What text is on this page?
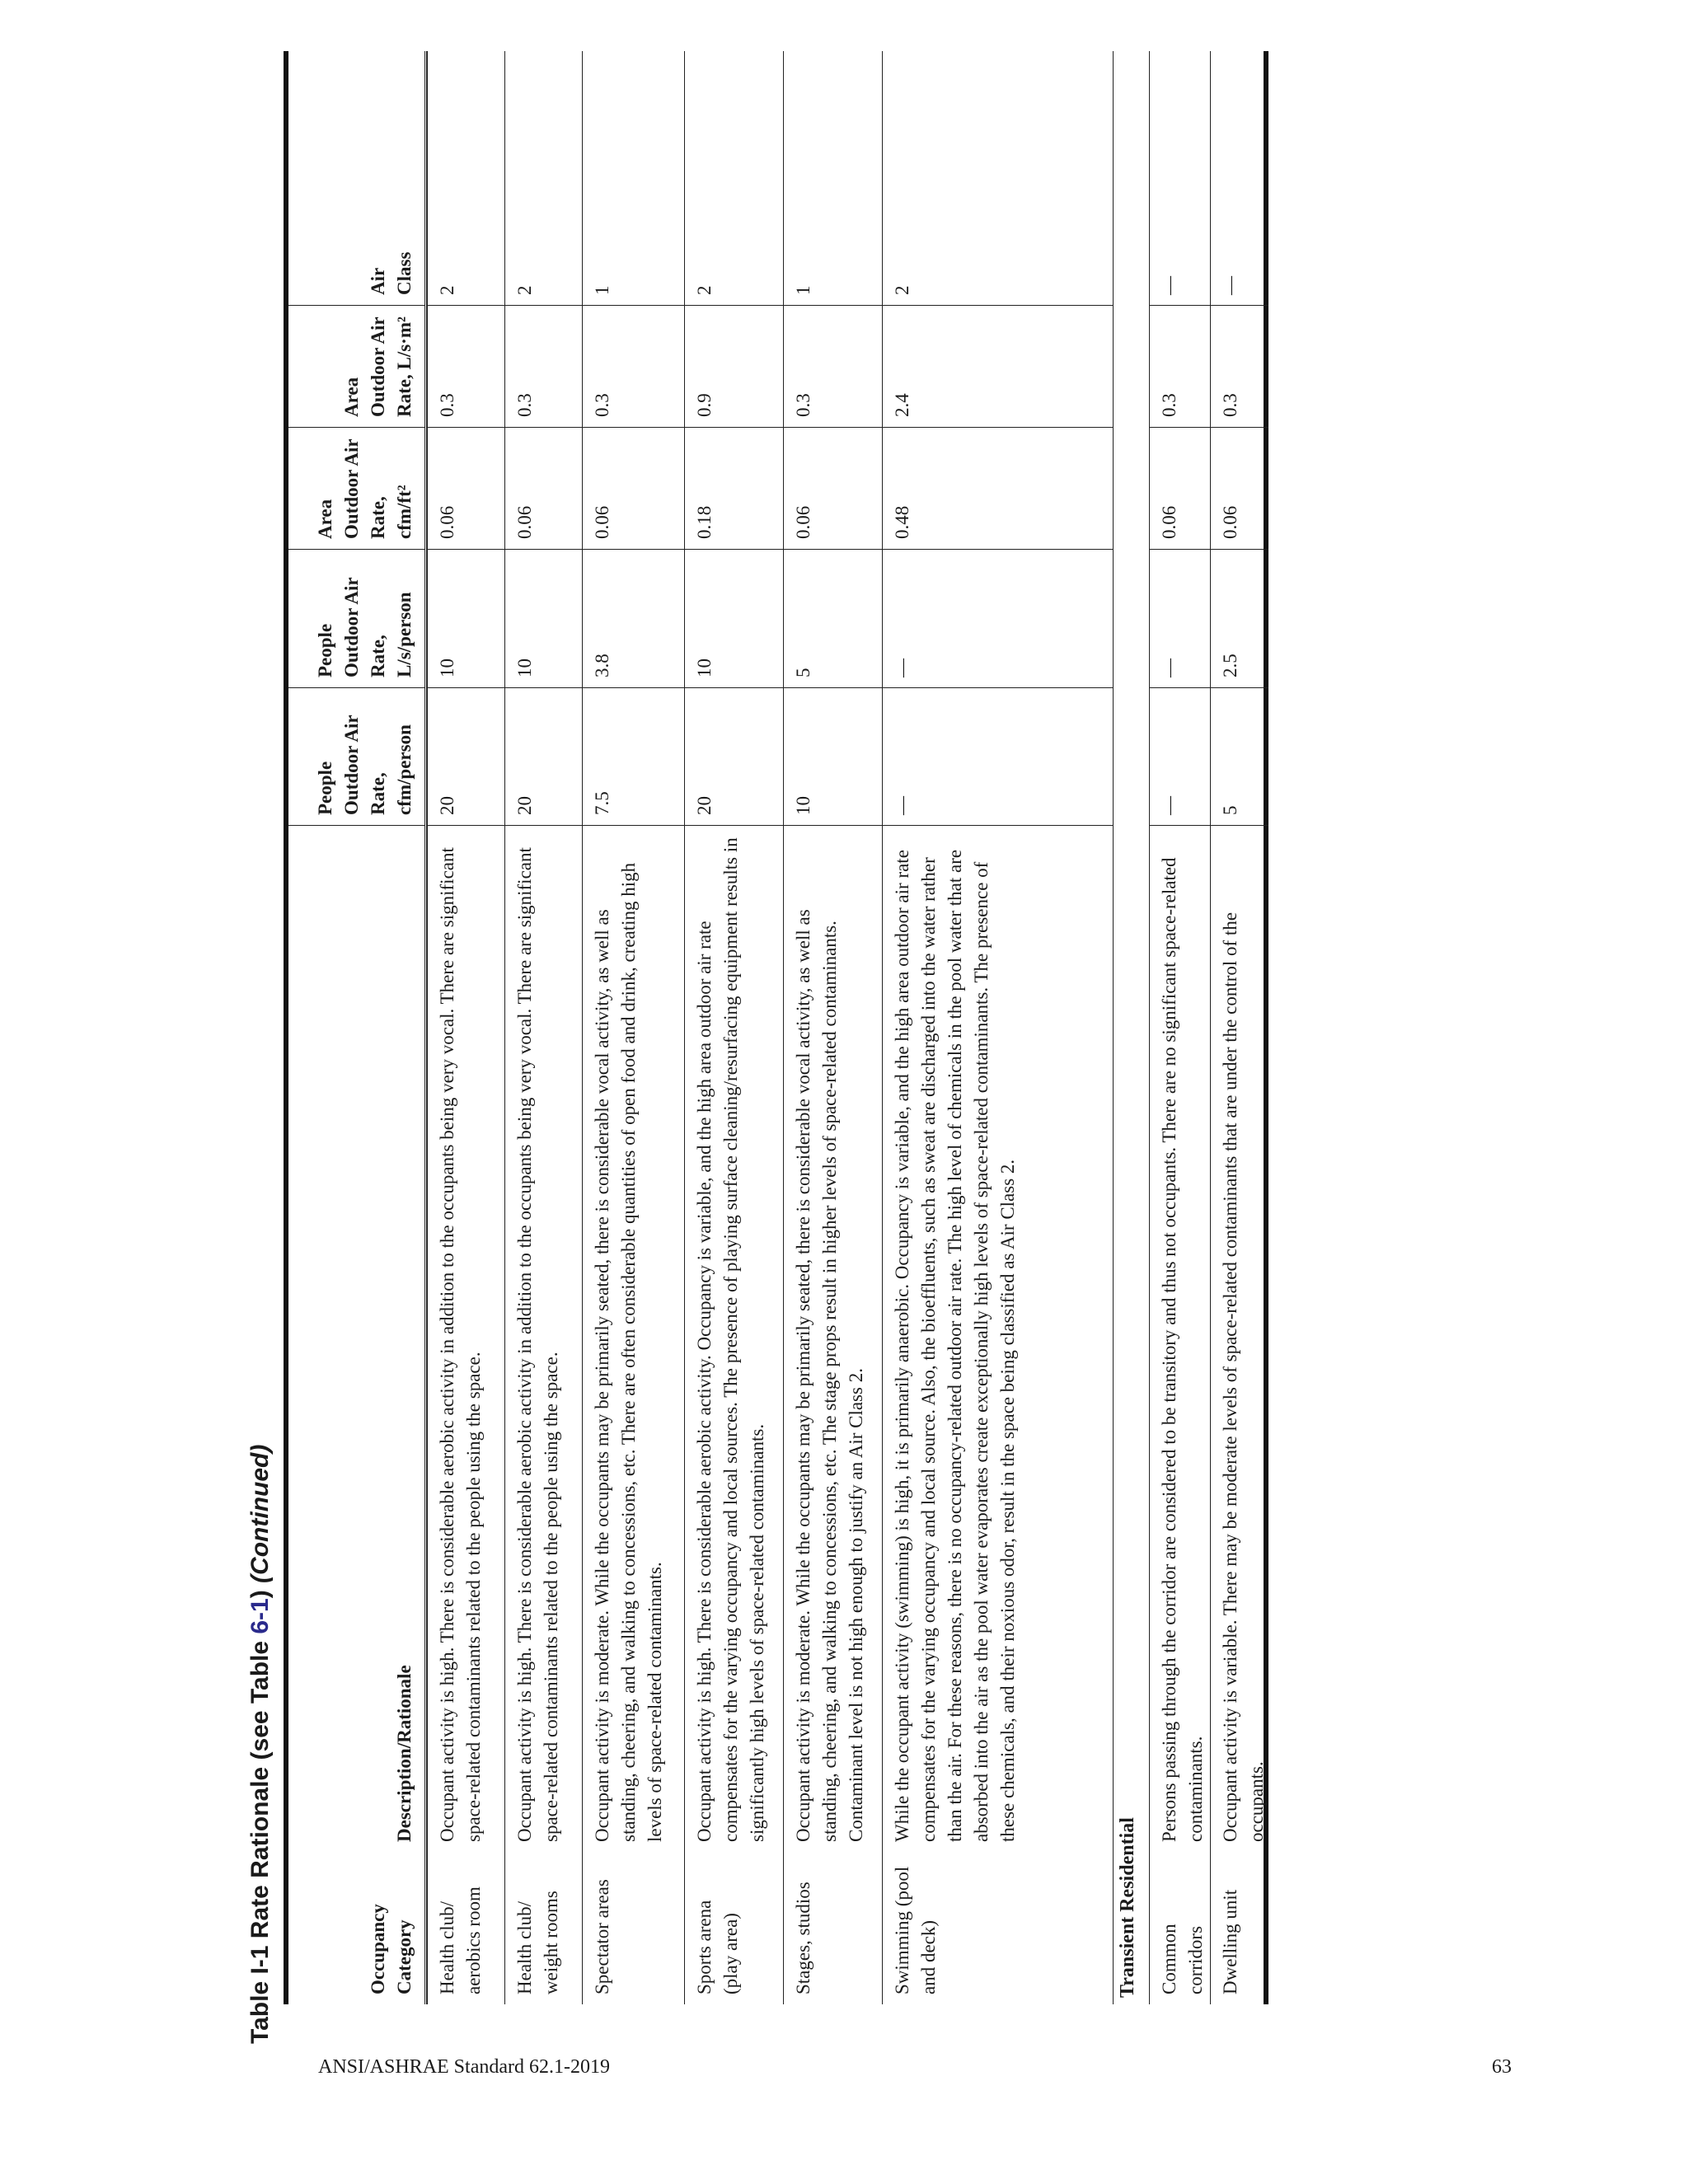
Table I-1 Rate Rationale (see Table 6-1) (Continued)
Occupancy Category
Description/Rationale
People Outdoor Air Rate, cfm/person
People Outdoor Air Rate, L/s/person
Area Outdoor Air Rate, cfm/ft²
Area Outdoor Air Rate, L/s·m²
Air Class
Health club/ aerobics room
Occupant activity is high. There is considerable aerobic activity in addition to the occupants being very vocal. There are significant space-related contaminants related to the people using the space.
20
10
0.06
0.3
2
Health club/ weight rooms
Occupant activity is high. There is considerable aerobic activity in addition to the occupants being very vocal. There are significant space-related contaminants related to the people using the space.
20
10
0.06
0.3
2
Spectator areas
Occupant activity is moderate. While the occupants may be primarily seated, there is considerable vocal activity, as well as standing, cheering, and walking to concessions, etc. There are often considerable quantities of open food and drink, creating high levels of space-related contaminants.
7.5
3.8
0.06
0.3
1
Sports arena (play area)
Occupant activity is high. There is considerable aerobic activity. Occupancy is variable, and the high area outdoor air rate compensates for the varying occupancy and local sources. The presence of playing surface cleaning/resurfacing equipment results in significantly high levels of space-related contaminants.
20
10
0.18
0.9
2
Stages, studios
Occupant activity is moderate. While the occupants may be primarily seated, there is considerable vocal activity, as well as standing, cheering, and walking to concessions, etc. The stage props result in higher levels of space-related contaminants. Contaminant level is not high enough to justify an Air Class 2.
10
5
0.06
0.3
1
Swimming (pool and deck)
While the occupant activity (swimming) is high, it is primarily anaerobic. Occupancy is variable, and the high area outdoor air rate compensates for the varying occupancy and local source. Also, the bioeffluents, such as sweat are discharged into the water rather than the air. For these reasons, there is no occupancy-related outdoor air rate. The high level of chemicals in the pool water that are absorbed into the air as the pool water evaporates create exceptionally high levels of space-related contaminants. The presence of these chemicals, and their noxious odor, result in the space being classified as Air Class 2.
—
—
0.48
2.4
2
Transient Residential	Common corridors
Persons passing through the corridor are considered to be transitory and thus not occupants. There are no significant space-related contaminants.
—
—
0.06
0.3
—
Dwelling unit
Occupant activity is variable. There may be moderate levels of space-related contaminants that are under the control of the occupants.
5
2.5
0.06
0.3
—
ANSI/ASHRAE Standard 62.1-2019	63
